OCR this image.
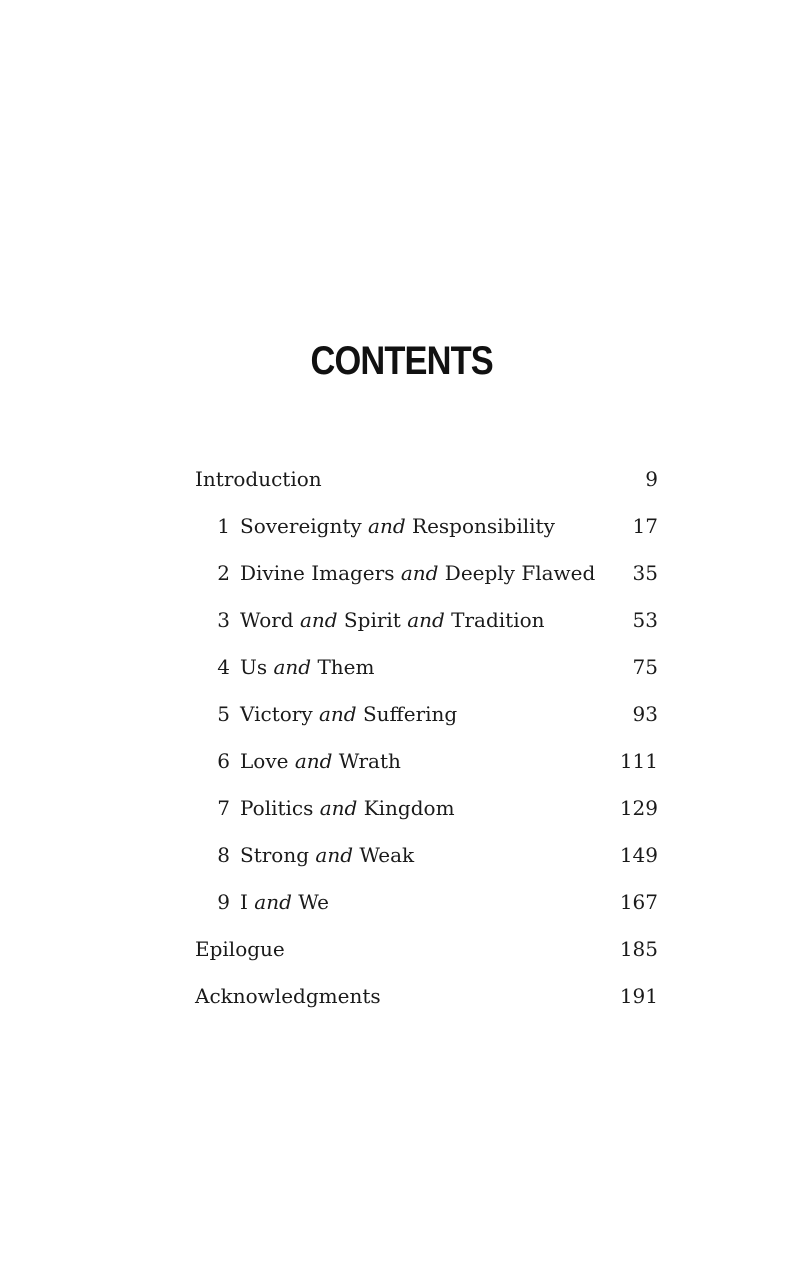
CONTENTS
Introduction	9
1 Sovereignty and Responsibility	17
2 Divine Imagers and Deeply Flawed 35
3 Word and Spirit and Tradition	53
4 Us and Them	75
5 Victory and Suffering	93
6 Love and Wrath	111
7 Politics and Kingdom	129
8 Strong and Weak	149
9 I and We	167
Epilogue	185
Acknowledgments	191
